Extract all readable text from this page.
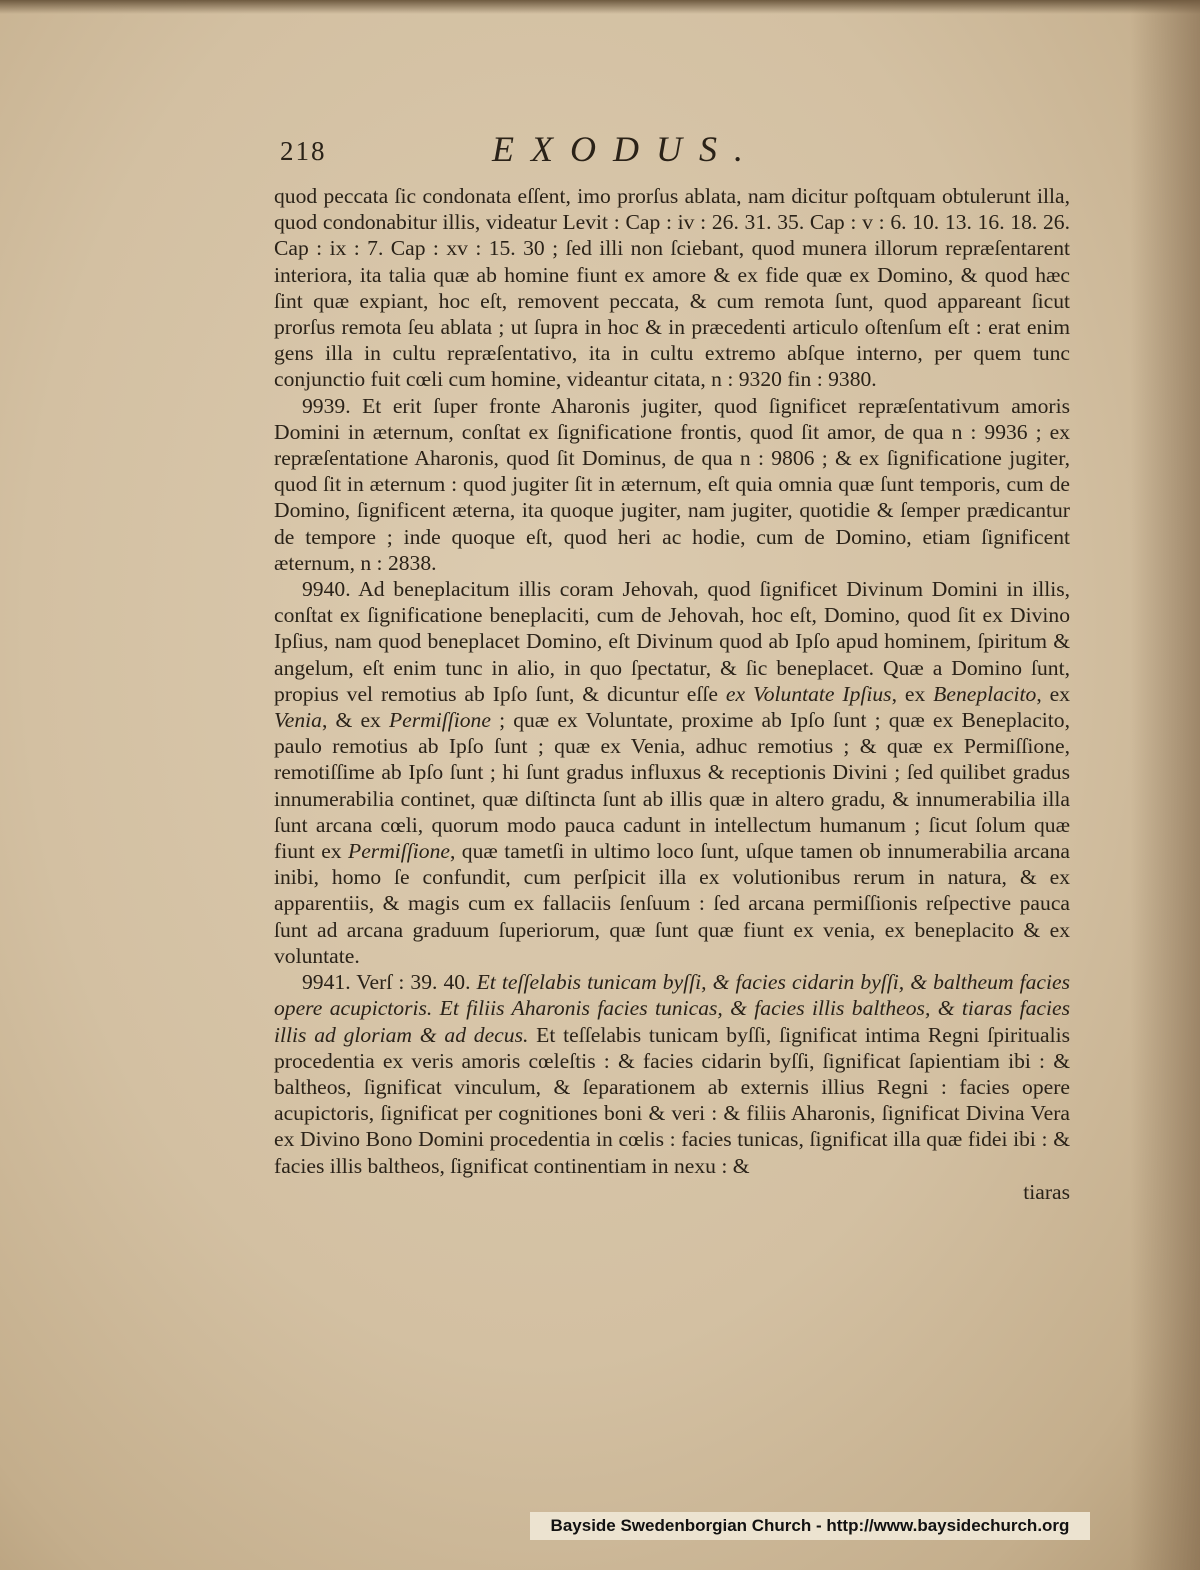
218	EXODUS.

quod peccata ſic condonata eſſent, imo prorſus ablata, nam dicitur poſtquam obtulerunt illa, quod condonabitur illis, videatur Levit : Cap : iv : 26. 31. 35. Cap : v : 6. 10. 13. 16. 18. 26. Cap : ix : 7. Cap : xv : 15. 30 ; ſed illi non ſciebant, quod munera illorum repræſentarent interiora, ita talia quæ ab homine fiunt ex amore & ex fide quæ ex Domino, & quod hæc ſint quæ expiant, hoc eſt, removent peccata, & cum remota ſunt, quod appareant ſicut prorſus remota ſeu ablata ; ut ſupra in hoc & in præcedenti articulo oſtenſum eſt : erat enim gens illa in cultu repræſentativo, ita in cultu extremo abſque interno, per quem tunc conjunctio fuit cœli cum homine, videantur citata, n : 9320 fin : 9380.

9939. Et erit ſuper fronte Aharonis jugiter, quod ſignificet repræſentativum amoris Domini in æternum, conſtat ex ſignificatione frontis, quod ſit amor, de qua n : 9936 ; ex repræſentatione Aharonis, quod ſit Dominus, de qua n : 9806 ; & ex ſignificatione jugiter, quod ſit in æternum : quod jugiter ſit in æternum, eſt quia omnia quæ ſunt temporis, cum de Domino, ſignificent æterna, ita quoque jugiter, nam jugiter, quotidie & ſemper prædicantur de tempore ; inde quoque eſt, quod heri ac hodie, cum de Domino, etiam ſignificent æternum, n : 2838.

9940. Ad beneplacitum illis coram Jehovah, quod ſignificet Divinum Domini in illis, conſtat ex ſignificatione beneplaciti, cum de Jehovah, hoc eſt, Domino, quod ſit ex Divino Ipſius, nam quod beneplacet Domino, eſt Divinum quod ab Ipſo apud hominem, ſpiritum & angelum, eſt enim tunc in alio, in quo ſpectatur, & ſic beneplacet. Quæ a Domino ſunt, propius vel remotius ab Ipſo ſunt, & dicuntur eſſe ex Voluntate Ipſius, ex Beneplacito, ex Venia, & ex Permiſſione ; quæ ex Voluntate, proxime ab Ipſo ſunt ; quæ ex Beneplacito, paulo remotius ab Ipſo ſunt ; quæ ex Venia, adhuc remotius ; & quæ ex Permiſſione, remotiſſime ab Ipſo ſunt ; hi ſunt gradus influxus & receptionis Divini ; ſed quilibet gradus innumerabilia continet, quæ diſtincta ſunt ab illis quæ in altero gradu, & innumerabilia illa ſunt arcana cœli, quorum modo pauca cadunt in intellectum humanum ; ſicut ſolum quæ fiunt ex Permiſſione, quæ tametſi in ultimo loco ſunt, uſque tamen ob innumerabilia arcana inibi, homo ſe confundit, cum perſpicit illa ex volutionibus rerum in natura, & ex apparentiis, & magis cum ex fallaciis ſenſuum : ſed arcana permiſſionis reſpective pauca ſunt ad arcana graduum ſuperiorum, quæ ſunt quæ fiunt ex venia, ex beneplacito & ex voluntate.

9941. Verſ : 39. 40. Et teſſelabis tunicam byſſi, & facies cidarin byſſi, & baltheum facies opere acupictoris. Et filiis Aharonis facies tunicas, & facies illis baltheos, & tiaras facies illis ad gloriam & ad decus. Et teſſelabis tunicam byſſi, ſignificat intima Regni ſpiritualis procedentia ex veris amoris cœleſtis : & facies cidarin byſſi, ſignificat ſapientiam ibi : & baltheos, ſignificat vinculum, & ſeparationem ab externis illius Regni : facies opere acupictoris, ſignificat per cognitiones boni & veri : & filiis Aharonis, ſignificat Divina Vera ex Divino Bono Domini procedentia in cœlis : facies tunicas, ſignificat illa quæ fidei ibi : & facies illis baltheos, ſignificat continentiam in nexu : &

tiaras

Bayside Swedenborgian Church - http://www.baysidechurch.org
